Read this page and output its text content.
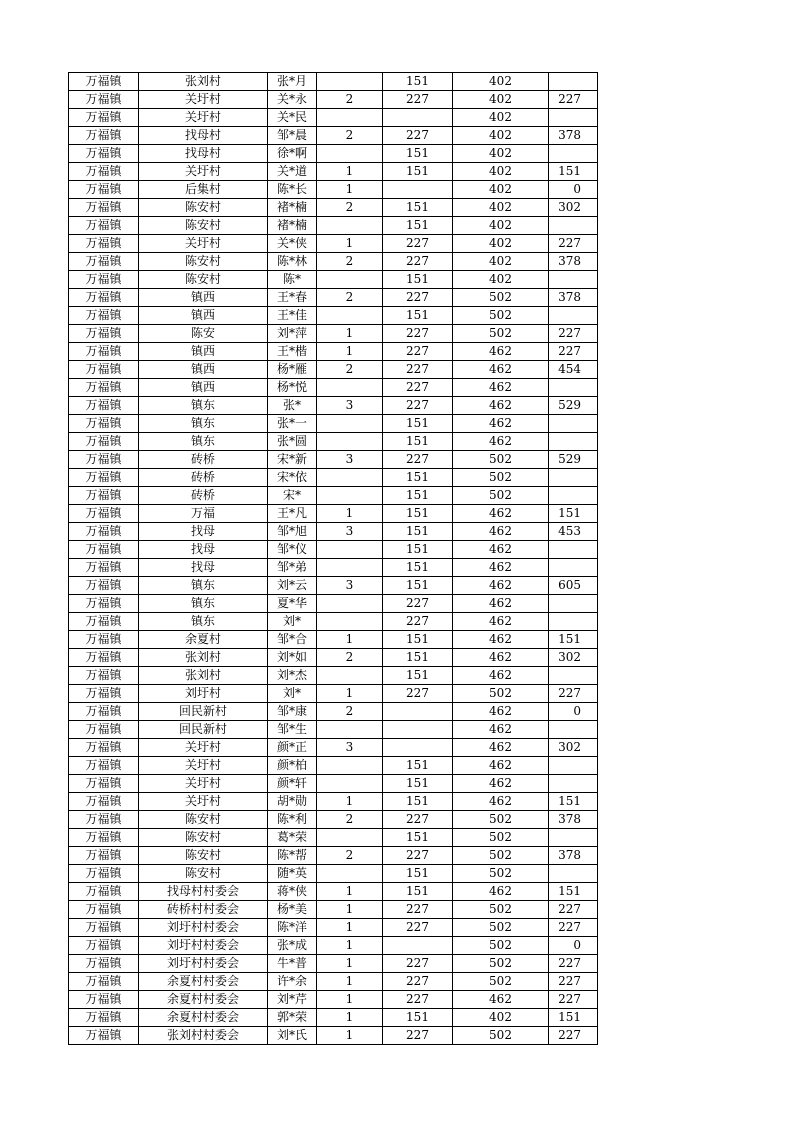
万福镇	张刘村	张*月		151	402	
万福镇	关圩村	关*永	2	227	402	227
万福镇	关圩村	关*民			402	
万福镇	找母村	邹*晨	2	227	402	378
万福镇	找母村	徐*啊		151	402	
万福镇	关圩村	关*道	1	151	402	151
万福镇	后集村	陈*长	1		402	0
万福镇	陈安村	褚*楠	2	151	402	302
万福镇	陈安村	褚*楠		151	402	
万福镇	关圩村	关*侠	1	227	402	227
万福镇	陈安村	陈*林	2	227	402	378
万福镇	陈安村	陈*		151	402	
万福镇	镇西	王*春	2	227	502	378
万福镇	镇西	王*佳		151	502	
万福镇	陈安	刘*萍	1	227	502	227
万福镇	镇西	王*楷	1	227	462	227
万福镇	镇西	杨*雁	2	227	462	454
万福镇	镇西	杨*悦		227	462	
万福镇	镇东	张*	3	227	462	529
万福镇	镇东	张*一		151	462	
万福镇	镇东	张*圆		151	462	
万福镇	砖桥	宋*新	3	227	502	529
万福镇	砖桥	宋*依		151	502	
万福镇	砖桥	宋*		151	502	
万福镇	万福	王*凡	1	151	462	151
万福镇	找母	邹*旭	3	151	462	453
万福镇	找母	邹*仪		151	462	
万福镇	找母	邹*弟		151	462	
万福镇	镇东	刘*云	3	151	462	605
万福镇	镇东	夏*华		227	462	
万福镇	镇东	刘*		227	462	
万福镇	余夏村	邹*合	1	151	462	151
万福镇	张刘村	刘*如	2	151	462	302
万福镇	张刘村	刘*杰		151	462	
万福镇	刘圩村	刘*	1	227	502	227
万福镇	回民新村	邹*康	2		462	0
万福镇	回民新村	邹*生			462	
万福镇	关圩村	颜*正	3		462	302
万福镇	关圩村	颜*柏		151	462	
万福镇	关圩村	颜*轩		151	462	
万福镇	关圩村	胡*勋	1	151	462	151
万福镇	陈安村	陈*利	2	227	502	378
万福镇	陈安村	葛*荣		151	502	
万福镇	陈安村	陈*帮	2	227	502	378
万福镇	陈安村	随*英		151	502	
万福镇	找母村村委会	蒋*侠	1	151	462	151
万福镇	砖桥村村委会	杨*美	1	227	502	227
万福镇	刘圩村村委会	陈*洋	1	227	502	227
万福镇	刘圩村村委会	张*成	1		502	0
万福镇	刘圩村村委会	牛*普	1	227	502	227
万福镇	余夏村村委会	许*余	1	227	502	227
万福镇	余夏村村委会	刘*芹	1	227	462	227
万福镇	余夏村村委会	郭*荣	1	151	402	151
万福镇	张刘村村委会	刘*氏	1	227	502	227
